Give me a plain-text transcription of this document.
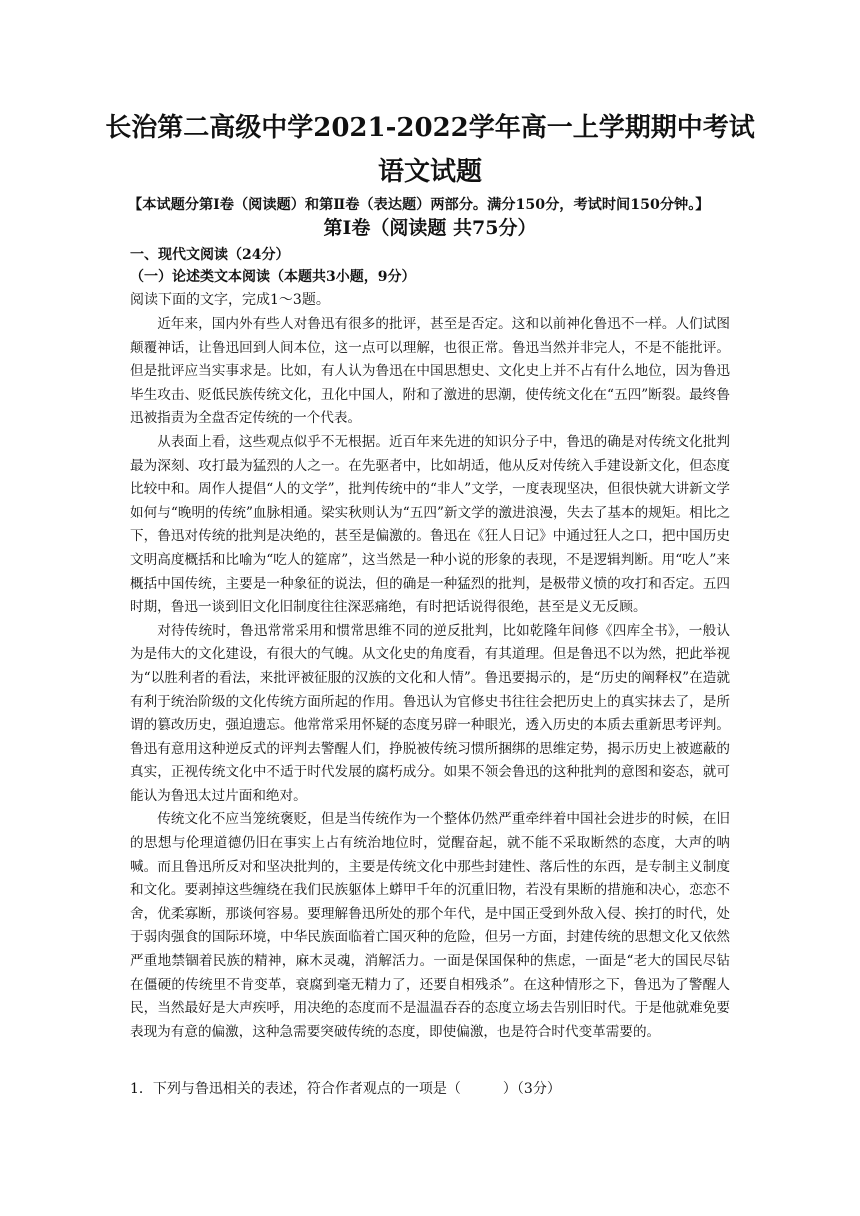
长治第二高级中学2021-2022学年高一上学期期中考试
语文试题
【本试题分第Ⅰ卷（阅读题）和第Ⅱ卷（表达题）两部分。满分150分，考试时间150分钟。】
第Ⅰ卷（阅读题 共75分）
一、现代文阅读（24分）
（一）论述类文本阅读（本题共3小题，9分）
阅读下面的文字，完成1～3题。

近年来，国内外有些人对鲁迅有很多的批评，甚至是否定。这和以前神化鲁迅不一样。人们试图颠覆神话，让鲁迅回到人间本位，这一点可以理解，也很正常。鲁迅当然并非完人，不是不能批评。但是批评应当实事求是。比如，有人认为鲁迅在中国思想史、文化史上并不占有什么地位，因为鲁迅毕生攻击、贬低民族传统文化，丑化中国人，附和了激进的思潮，使传统文化在“五四”断裂。最终鲁迅被指责为全盘否定传统的一个代表。

从表面上看，这些观点似乎不无根据。近百年来先进的知识分子中，鲁迅的确是对传统文化批判最为深刻、攻打最为猛烈的人之一。在先驱者中，比如胡适，他从反对传统入手建设新文化，但态度比较中和。周作人提倡“人的文学”，批判传统中的“非人”文学，一度表现坚决，但很快就大讲新文学如何与“晚明的传统”血脉相通。梁实秋则认为“五四”新文学的激进浪漫，失去了基本的规矩。相比之下，鲁迅对传统的批判是决绝的，甚至是偏激的。鲁迅在《狂人日记》中通过狂人之口，把中国历史文明高度概括和比喻为“吃人的筵席”，这当然是一种小说的形象的表现，不是逻辑判断。用“吃人”来概括中国传统，主要是一种象征的说法，但的确是一种猛烈的批判，是极带义愤的攻打和否定。五四时期，鲁迅一谈到旧文化旧制度往往深恶痛绝，有时把话说得很绝，甚至是义无反顾。

对待传统时，鲁迅常常采用和惯常思维不同的逆反批判，比如乾隆年间修《四库全书》，一般认为是伟大的文化建设，有很大的气魄。从文化史的角度看，有其道理。但是鲁迅不以为然，把此举视为“以胜利者的看法，来批评被征服的汉族的文化和人情”。鲁迅要揭示的，是“历史的阐释权”在造就有利于统治阶级的文化传统方面所起的作用。鲁迅认为官修史书往往会把历史上的真实抹去了，是所谓的篡改历史，强迫遗忘。他常常采用怀疑的态度另辟一种眼光，透入历史的本质去重新思考评判。鲁迅有意用这种逆反式的评判去警醒人们，挣脱被传统习惯所捆绑的思维定势，揭示历史上被遮蔽的真实，正视传统文化中不适于时代发展的腐朽成分。如果不领会鲁迅的这种批判的意图和姿态，就可能认为鲁迅太过片面和绝对。

传统文化不应当笼统褒贬，但是当传统作为一个整体仍然严重牵绊着中国社会进步的时候，在旧的思想与伦理道德仍旧在事实上占有统治地位时，觉醒奋起，就不能不采取断然的态度，大声的呐喊。而且鲁迅所反对和坚决批判的，主要是传统文化中那些封建性、落后性的东西，是专制主义制度和文化。要剥掉这些缠绕在我们民族躯体上蟒甲千年的沉重旧物，若没有果断的措施和决心，恋恋不舍，优柔寡断，那谈何容易。要理解鲁迅所处的那个年代，是中国正受到外敌入侵、挨打的时代，处于弱肉强食的国际环境，中华民族面临着亡国灭种的危险，但另一方面，封建传统的思想文化又依然严重地禁锢着民族的精神，麻木灵魂，消解活力。一面是保国保种的焦虑，一面是“老大的国民尽钻在僵硬的传统里不肯变革，衰腐到毫无精力了，还要自相残杀”。在这种情形之下，鲁迅为了警醒人民，当然最好是大声疾呼，用决绝的态度而不是温温吞吞的态度立场去告别旧时代。于是他就难免要表现为有意的偏激，这种急需要突破传统的态度，即使偏激，也是符合时代变革需要的。

1．下列与鲁迅相关的表述，符合作者观点的一项是（　　　）（3分）
